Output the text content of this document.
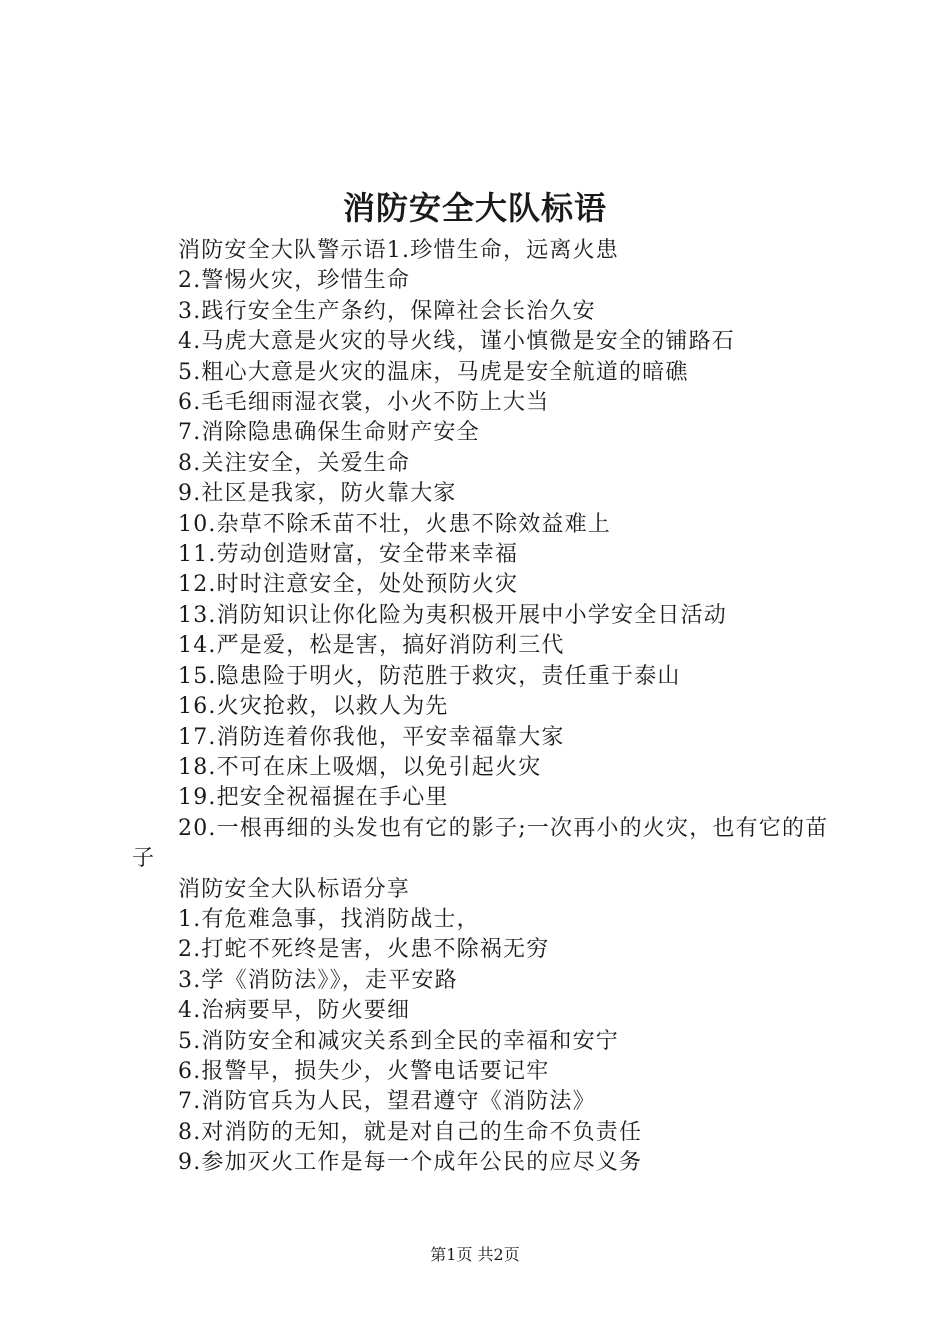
消防安全大队标语
消防安全大队警示语1.珍惜生命，远离火患
2.警惕火灾，珍惜生命
3.践行安全生产条约，保障社会长治久安
4.马虎大意是火灾的导火线，谨小慎微是安全的铺路石
5.粗心大意是火灾的温床，马虎是安全航道的暗礁
6.毛毛细雨湿衣裳，小火不防上大当
7.消除隐患确保生命财产安全
8.关注安全，关爱生命
9.社区是我家，防火靠大家
10.杂草不除禾苗不壮，火患不除效益难上
11.劳动创造财富，安全带来幸福
12.时时注意安全，处处预防火灾
13.消防知识让你化险为夷积极开展中小学安全日活动
14.严是爱，松是害，搞好消防利三代
15.隐患险于明火，防范胜于救灾，责任重于泰山
16.火灾抢救，以救人为先
17.消防连着你我他，平安幸福靠大家
18.不可在床上吸烟，以免引起火灾
19.把安全祝福握在手心里
20.一根再细的头发也有它的影子;一次再小的火灾，也有它的苗子
消防安全大队标语分享
1.有危难急事，找消防战士，
2.打蛇不死终是害，火患不除祸无穷
3.学《消防法》》，走平安路
4.治病要早，防火要细
5.消防安全和减灾关系到全民的幸福和安宁
6.报警早，损失少，火警电话要记牢
7.消防官兵为人民，望君遵守《消防法》
8.对消防的无知，就是对自己的生命不负责任
9.参加灭火工作是每一个成年公民的应尽义务
第1页 共2页
